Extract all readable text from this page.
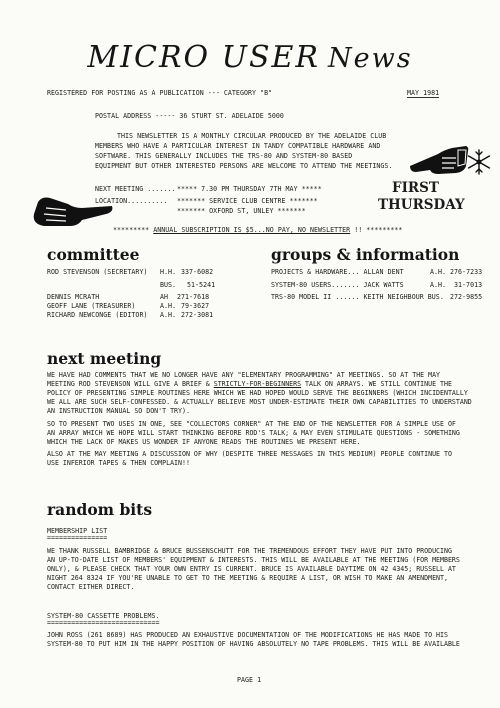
MICRO USER News
REGISTERED FOR POSTING AS A PUBLICATION --- CATEGORY "B"	MAY 1981
POSTAL ADDRESS ----- 36 STURT ST. ADELAIDE 5000
THIS NEWSLETTER IS A MONTHLY CIRCULAR PRODUCED BY THE ADELAIDE CLUB
MEMBERS WHO HAVE A PARTICULAR INTEREST IN TANDY COMPATIBLE HARDWARE AND
SOFTWARE. THIS GENERALLY INCLUDES THE TRS-80 AND SYSTEM-80 BASED
EQUIPMENT BUT OTHER INTERESTED PERSONS ARE WELCOME TO ATTEND THE MEETINGS.
NEXT MEETING ....... ***** 7.30 PM THURSDAY 7TH MAY *****
LOCATION.......... ******* SERVICE CLUB CENTRE *******
******* OXFORD ST, UNLEY *******
FIRST
THURSDAY
********* ANNUAL SUBSCRIPTION IS $5...NO PAY, NO NEWSLETTER !! *********
committee
ROD STEVENSON (SECRETARY) H.H. 337-6082
BUS. 51-5241
DENNIS MCRATH	AH 271-7618
GEOFF LANE (TREASURER)	A.H. 79-3627
RICHARD NEWCONGE (EDITOR) A.H. 272-3081
groups & information
PROJECTS & HARDWARE... ALLAN DENT	A.H. 276-7233
SYSTEM-80 USERS....... JACK WATTS	A.H. 31-7013
TRS-80 MODEL II ...... KEITH NEIGHBOUR BUS. 272-9855
next meeting
WE HAVE HAD COMMENTS THAT WE NO LONGER HAVE ANY "ELEMENTARY PROGRAMMING" AT MEETINGS. SO AT THE MAY
MEETING ROD STEVENSON WILL GIVE A BRIEF & STRICTLY-FOR-BEGINNERS TALK ON ARRAYS. WE STILL CONTINUE THE
POLICY OF PRESENTING SIMPLE ROUTINES HERE WHICH WE HAD HOPED WOULD SERVE THE BEGINNERS (WHICH INCIDENTALLY
WE ALL ARE SUCH SELF-CONFESSED. & ACTUALLY BELIEVE MOST UNDER-ESTIMATE THEIR OWN CAPABILITIES TO UNDERSTAND
AN INSTRUCTION MANUAL SO DON'T TRY).
SO TO PRESENT TWO USES IN ONE, SEE "COLLECTORS CORNER" AT THE END OF THE NEWSLETTER FOR A SIMPLE USE OF
AN ARRAY WHICH WE HOPE WILL START THINKING BEFORE ROD'S TALK; & MAY EVEN STIMULATE QUESTIONS - SOMETHING
WHICH THE LACK OF MAKES US WONDER IF ANYONE READS THE ROUTINES WE PRESENT HERE.
ALSO AT THE MAY MEETING A DISCUSSION OF WHY (DESPITE THREE MESSAGES IN THIS MEDIUM) PEOPLE CONTINUE TO
USE INFERIOR TAPES & THEN COMPLAIN!!
random bits
MEMBERSHIP LIST
===============
WE THANK RUSSELL BAMBRIDGE & BRUCE BUSSENSCHUTT FOR THE TREMENDOUS EFFORT THEY HAVE PUT INTO PRODUCING
AN UP-TO-DATE LIST OF MEMBERS' EQUIPMENT & INTERESTS. THIS WILL BE AVAILABLE AT THE MEETING (FOR MEMBERS
ONLY), & PLEASE CHECK THAT YOUR OWN ENTRY IS CURRENT. BRUCE IS AVAILABLE DAYTIME ON 42 4345; RUSSELL AT
NIGHT 264 8324 IF YOU'RE UNABLE TO GET TO THE MEETING & REQUIRE A LIST, OR WISH TO MAKE AN AMENDMENT,
CONTACT EITHER DIRECT.
SYSTEM-80 CASSETTE PROBLEMS.
============================
JOHN ROSS (261 8689) HAS PRODUCED AN EXHAUSTIVE DOCUMENTATION OF THE MODIFICATIONS HE HAS MADE TO HIS
SYSTEM-80 TO PUT HIM IN THE HAPPY POSITION OF HAVING ABSOLUTELY NO TAPE PROBLEMS. THIS WILL BE AVAILABLE
PAGE 1
